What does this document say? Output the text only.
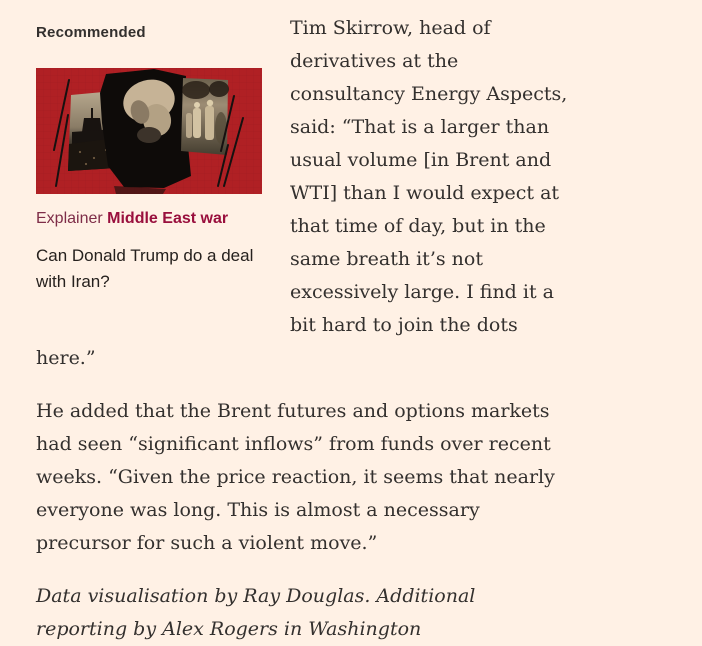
Recommended

Explainer Middle East war

Can Donald Trump do a deal with Iran?

Tim Skirrow, head of derivatives at the consultancy Energy Aspects, said: “That is a larger than usual volume [in Brent and WTI] than I would expect at that time of day, but in the same breath it’s not excessively large. I find it a bit hard to join the dots here.”

He added that the Brent futures and options markets had seen “significant inflows” from funds over recent weeks. “Given the price reaction, it seems that nearly everyone was long. This is almost a necessary precursor for such a violent move.”

Data visualisation by Ray Douglas. Additional reporting by Alex Rogers in Washington
